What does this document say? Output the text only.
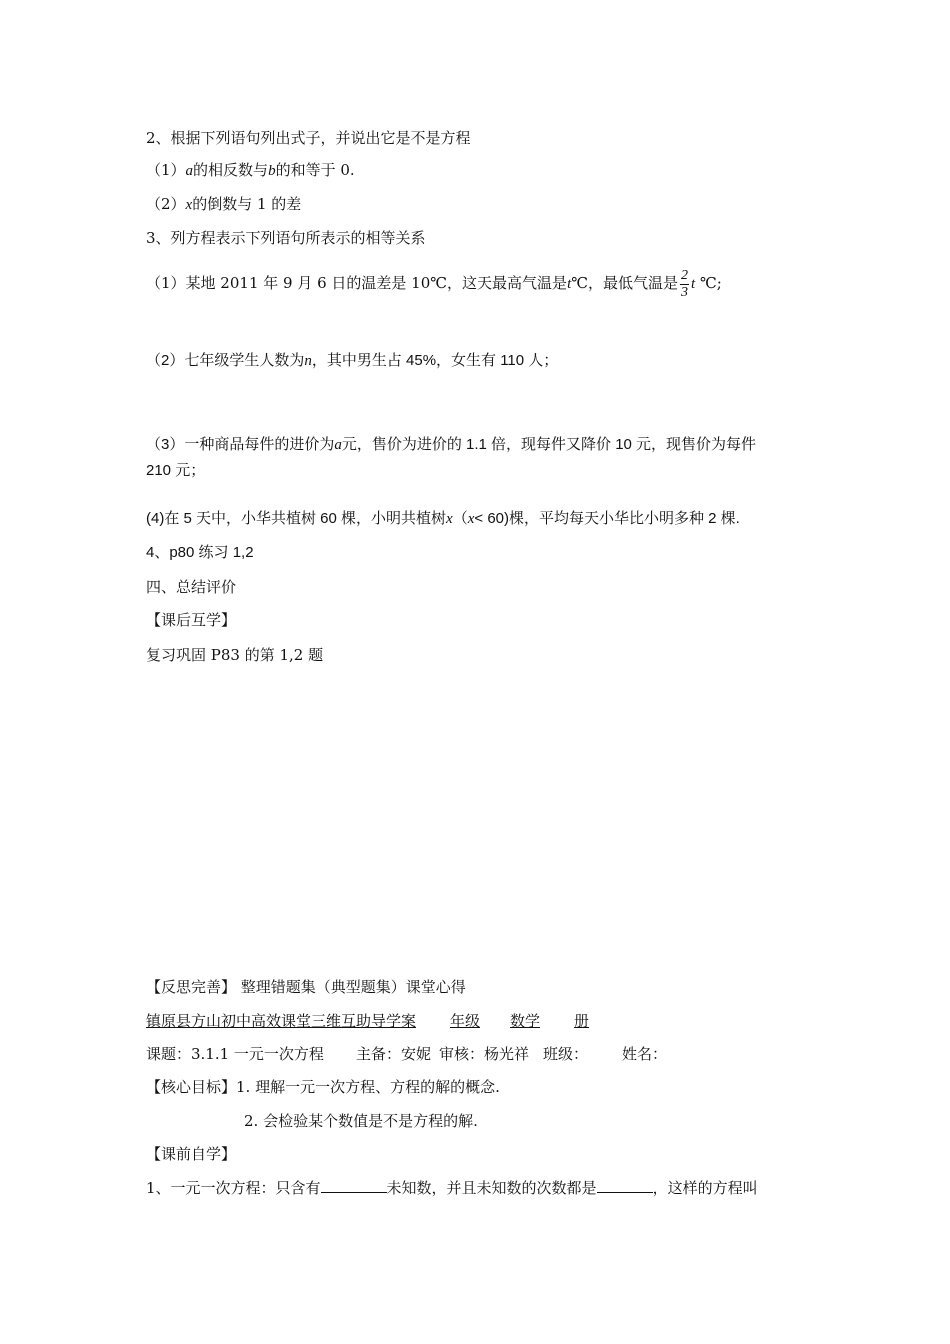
2、根据下列语句列出式子，并说出它是不是方程
（1）a的相反数与b的和等于 0.
（2）x的倒数与 1 的差
3、列方程表示下列语句所表示的相等关系
（1）某地 2011 年 9 月 6 日的温差是 10℃，这天最高气温是t℃，最低气温是 $\frac{2}{3}$ t ℃;
（2）七年级学生人数为n，其中男生占 45%，女生有 110 人；
（3）一种商品每件的进价为a元，售价为进价的 1.1 倍，现每件又降价 10 元，现售价为每件
210 元；
(4)在 5 天中，小华共植树 60 棵，小明共植树x（x< 60)棵，平均每天小华比小明多种 2 棵.
4、p80 练习 1,2
四、总结评价
【课后互学】
复习巩固 P83 的第 1,2 题
【反思完善】 整理错题集（典型题集）课堂心得
镇原县方山初中高效课堂三维互助导学案 年级 数学 册
课题：3.1.1 一元一次方程 主备：安妮 审核：杨光祥 班级： 姓名：
【核心目标】1. 理解一元一次方程、方程的解的概念.
2. 会检验某个数值是不是方程的解.
【课前自学】
1、一元一次方程：只含有	未知数，并且未知数的次数都是	，这样的方程叫
